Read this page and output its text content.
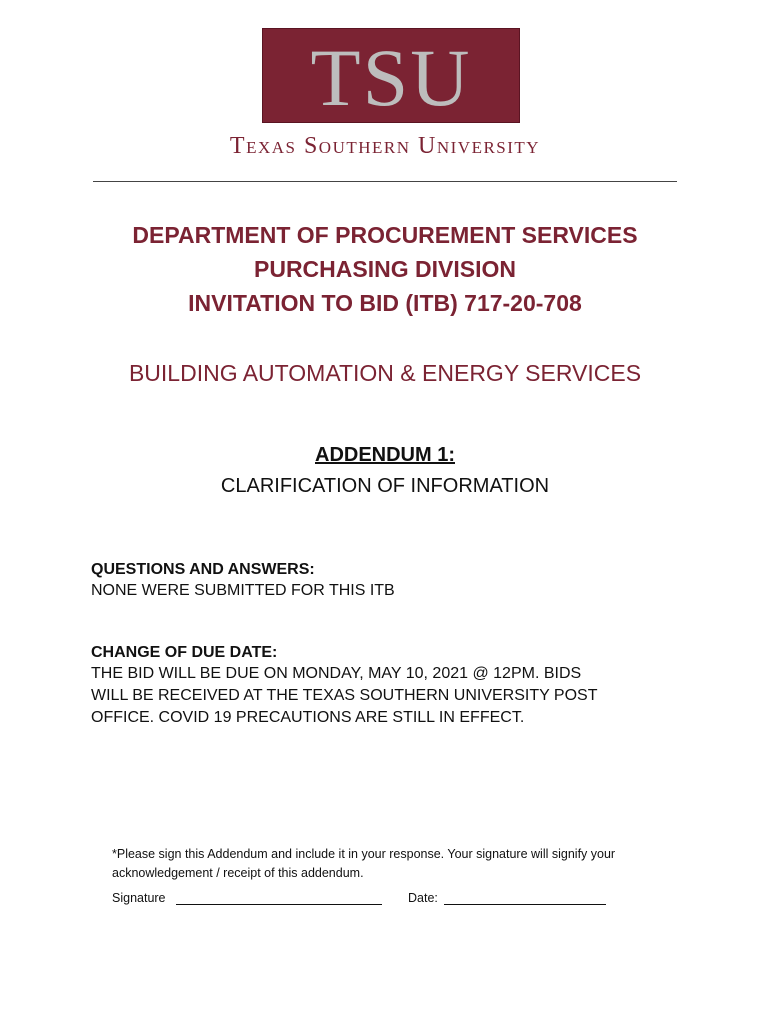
TSU
Texas Southern University
DEPARTMENT OF PROCUREMENT SERVICES
PURCHASING DIVISION
INVITATION TO BID (ITB) 717-20-708
BUILDING AUTOMATION & ENERGY SERVICES
ADDENDUM 1:
CLARIFICATION OF INFORMATION
QUESTIONS AND ANSWERS:
NONE WERE SUBMITTED FOR THIS ITB
CHANGE OF DUE DATE:
THE BID WILL BE DUE ON MONDAY, MAY 10, 2021 @ 12PM. BIDS
WILL BE RECEIVED AT THE TEXAS SOUTHERN UNIVERSITY POST
OFFICE. COVID 19 PRECAUTIONS ARE STILL IN EFFECT.
*Please sign this Addendum and include it in your response. Your signature will signify your
acknowledgement / receipt of this addendum.
Signature	Date:
